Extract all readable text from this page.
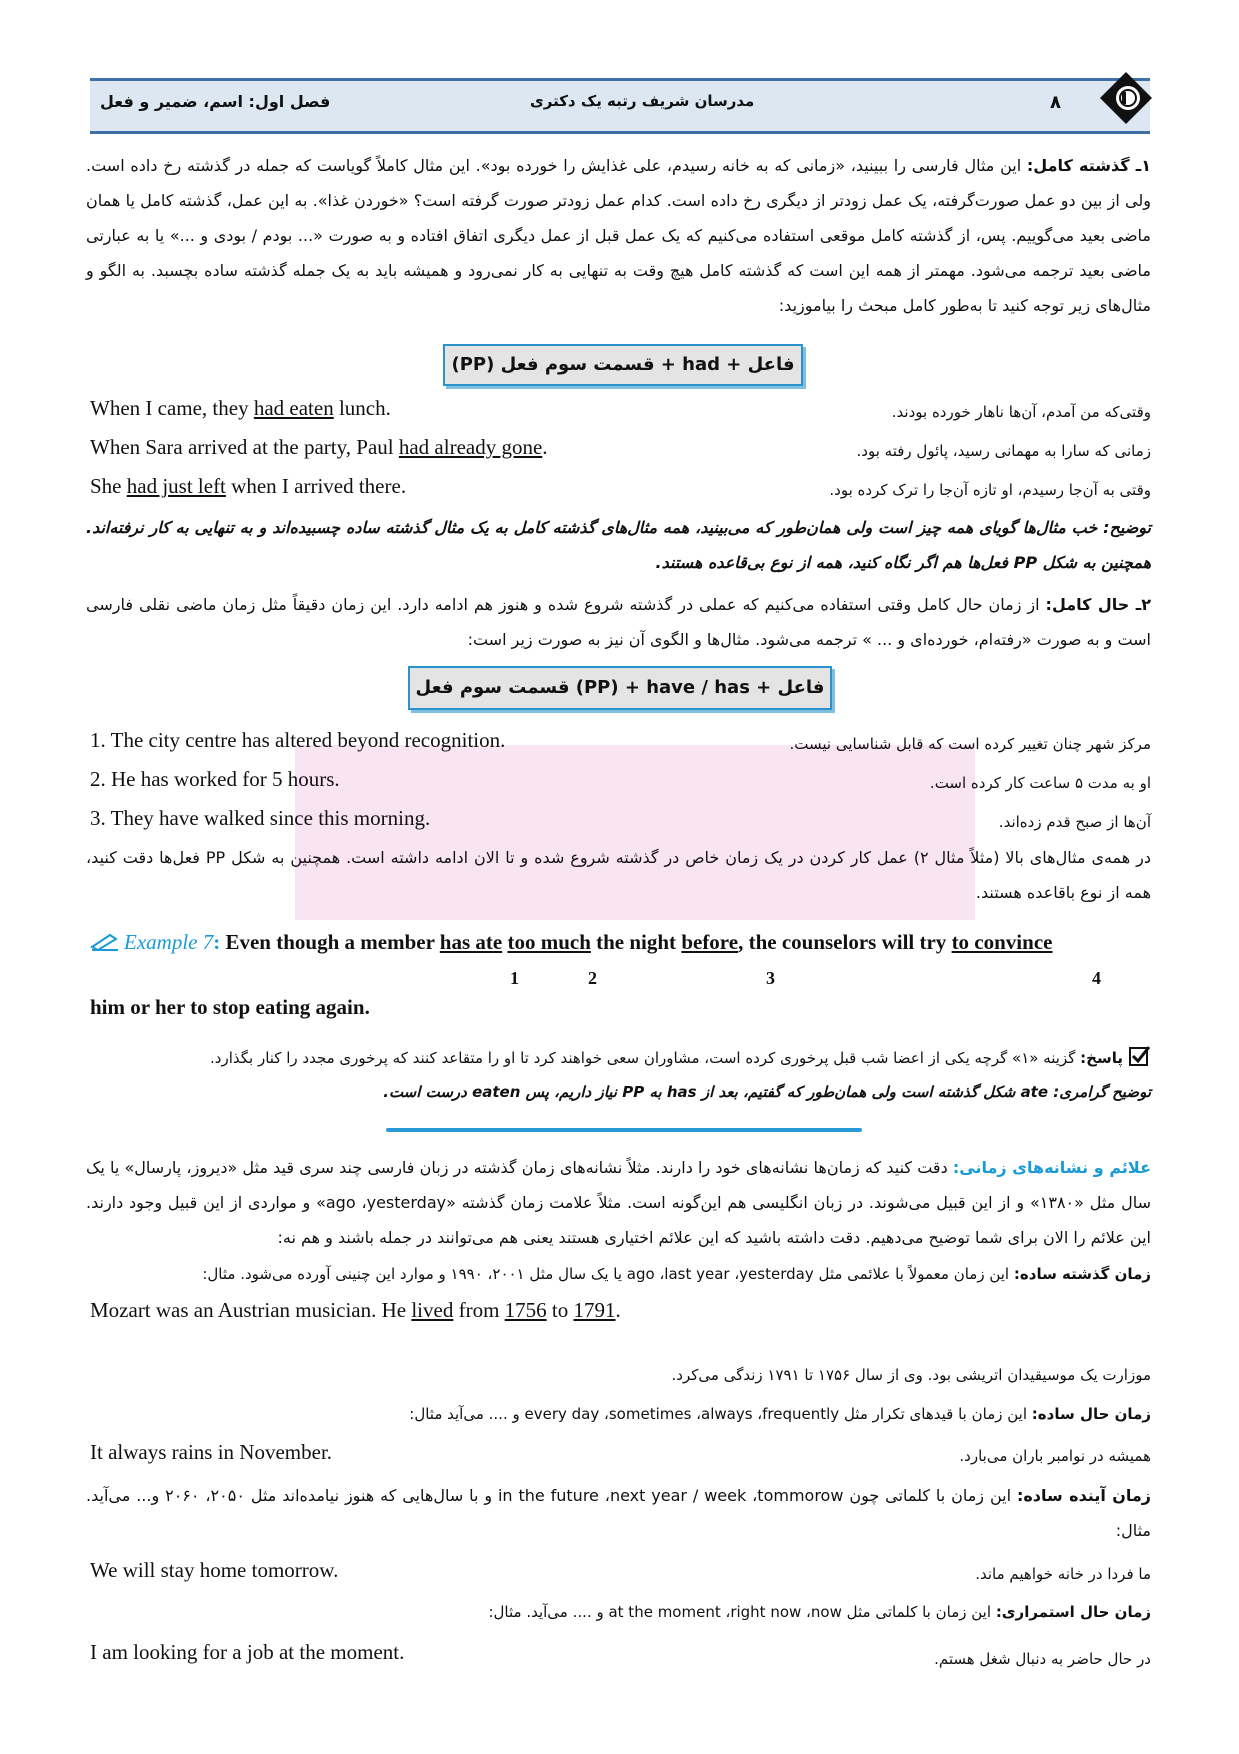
۸
مدرسان شریف رتبه یک دکتری
فصل اول: اسم، ضمیر و فعل
۱ـ گذشته کامل: این مثال فارسی را ببینید، «زمانی که به خانه رسیدم، علی غذایش را خورده بود». این مثال کاملاً گویاست که جمله در گذشته رخ داده است. ولی از بین دو عمل صورت‌گرفته، یک عمل زودتر از دیگری رخ داده است. کدام عمل زودتر صورت گرفته است؟ «خوردن غذا». به این عمل، گذشته کامل یا همان ماضی بعید می‌گوییم. پس، از گذشته کامل موقعی استفاده می‌کنیم که یک عمل قبل از عمل دیگری اتفاق افتاده و به صورت «... بودم / بودی و ...» یا به عبارتی ماضی بعید ترجمه می‌شود. مهمتر از همه این است که گذشته کامل هیچ وقت به تنهایی به کار نمی‌رود و همیشه باید به یک جمله گذشته ساده بچسبد. به الگو و مثال‌های زیر توجه کنید تا به‌طور کامل مبحث را بیاموزید:
(PP) قسمت سوم فعل + had + فاعل
When I came, they had eaten lunch.	وقتی‌که من آمدم، آن‌ها ناهار خورده بودند.
When Sara arrived at the party, Paul had already gone.	زمانی که سارا به مهمانی رسید، پائول رفته بود.
She had just left when I arrived there.	وقتی به آن‌جا رسیدم، او تازه آن‌جا را ترک کرده بود.
توضیح: خب مثال‌ها گویای همه چیز است ولی همان‌طور که می‌بینید، همه مثال‌های گذشته کامل به یک مثال گذشته ساده چسبیده‌اند و به تنهایی به کار نرفته‌اند. همچنین به شکل PP فعل‌ها هم اگر نگاه کنید، همه از نوع بی‌قاعده هستند.
۲ـ حال کامل: از زمان حال کامل وقتی استفاده می‌کنیم که عملی در گذشته شروع شده و هنوز هم ادامه دارد. این زمان دقیقاً مثل زمان ماضی نقلی فارسی است و به صورت «رفته‌ام، خورده‌ای و ... » ترجمه می‌شود. مثال‌ها و الگوی آن نیز به صورت زیر است:
قسمت سوم فعل (PP) + have / has + فاعل
1. The city centre has altered beyond recognition.	مرکز شهر چنان تغییر کرده است که قابل شناسایی نیست.
2. He has worked for 5 hours.	او به مدت ۵ ساعت کار کرده است.
3. They have walked since this morning.	آن‌ها از صبح قدم زده‌اند.
در همه‌ی مثال‌های بالا (مثلاً مثال ۲) عمل کار کردن در یک زمان خاص در گذشته شروع شده و تا الان ادامه داشته است. همچنین به شکل PP فعل‌ها دقت کنید، همه از نوع باقاعده هستند.
Example 7: Even though a member has ate too much the night before, the counselors will try to convince
1	2	3	4
him or her to stop eating again.
پاسخ: گزینه «۱» گرچه یکی از اعضا شب قبل پرخوری کرده است، مشاوران سعی خواهند کرد تا او را متقاعد کنند که پرخوری مجدد را کنار بگذارد.
توضیح گرامری: ate شکل گذشته است ولی همان‌طور که گفتیم، بعد از has به PP نیاز داریم، پس eaten درست است.
علائم و نشانه‌های زمانی: دقت کنید که زمان‌ها نشانه‌های خود را دارند. مثلاً نشانه‌های زمان گذشته در زبان فارسی چند سری قید مثل «دیروز، پارسال» یا یک سال مثل «۱۳۸۰» و از این قبیل می‌شوند. در زبان انگلیسی هم این‌گونه است. مثلاً علامت زمان گذشته «ago ،yesterday» و مواردی از این قبیل وجود دارند. این علائم را الان برای شما توضیح می‌دهیم. دقت داشته باشید که این علائم اختیاری هستند یعنی هم می‌توانند در جمله باشند و هم نه:
زمان گذشته ساده: این زمان معمولاً با علائمی مثل ago ،last year ،yesterday یا یک سال مثل ۲۰۰۱، ۱۹۹۰ و موارد این چنینی آورده می‌شود. مثال:
Mozart was an Austrian musician. He lived from 1756 to 1791.
موزارت یک موسیقیدان اتریشی بود. وی از سال ۱۷۵۶ تا ۱۷۹۱ زندگی می‌کرد.
زمان حال ساده: این زمان با قیدهای تکرار مثل every day ،sometimes ،always ،frequently و .... می‌آید مثال:
It always rains in November.	همیشه در نوامبر باران می‌بارد.
زمان آینده ساده: این زمان با کلماتی چون in the future ،next year / week ،tommorow و با سال‌هایی که هنوز نیامده‌اند مثل ۲۰۵۰، ۲۰۶۰ و... می‌آید. مثال:
We will stay home tomorrow.	ما فردا در خانه خواهیم ماند.
زمان حال استمراری: این زمان با کلماتی مثل at the moment ،right now ،now و .... می‌آید. مثال:
I am looking for a job at the moment.	در حال حاضر به دنبال شغل هستم.
